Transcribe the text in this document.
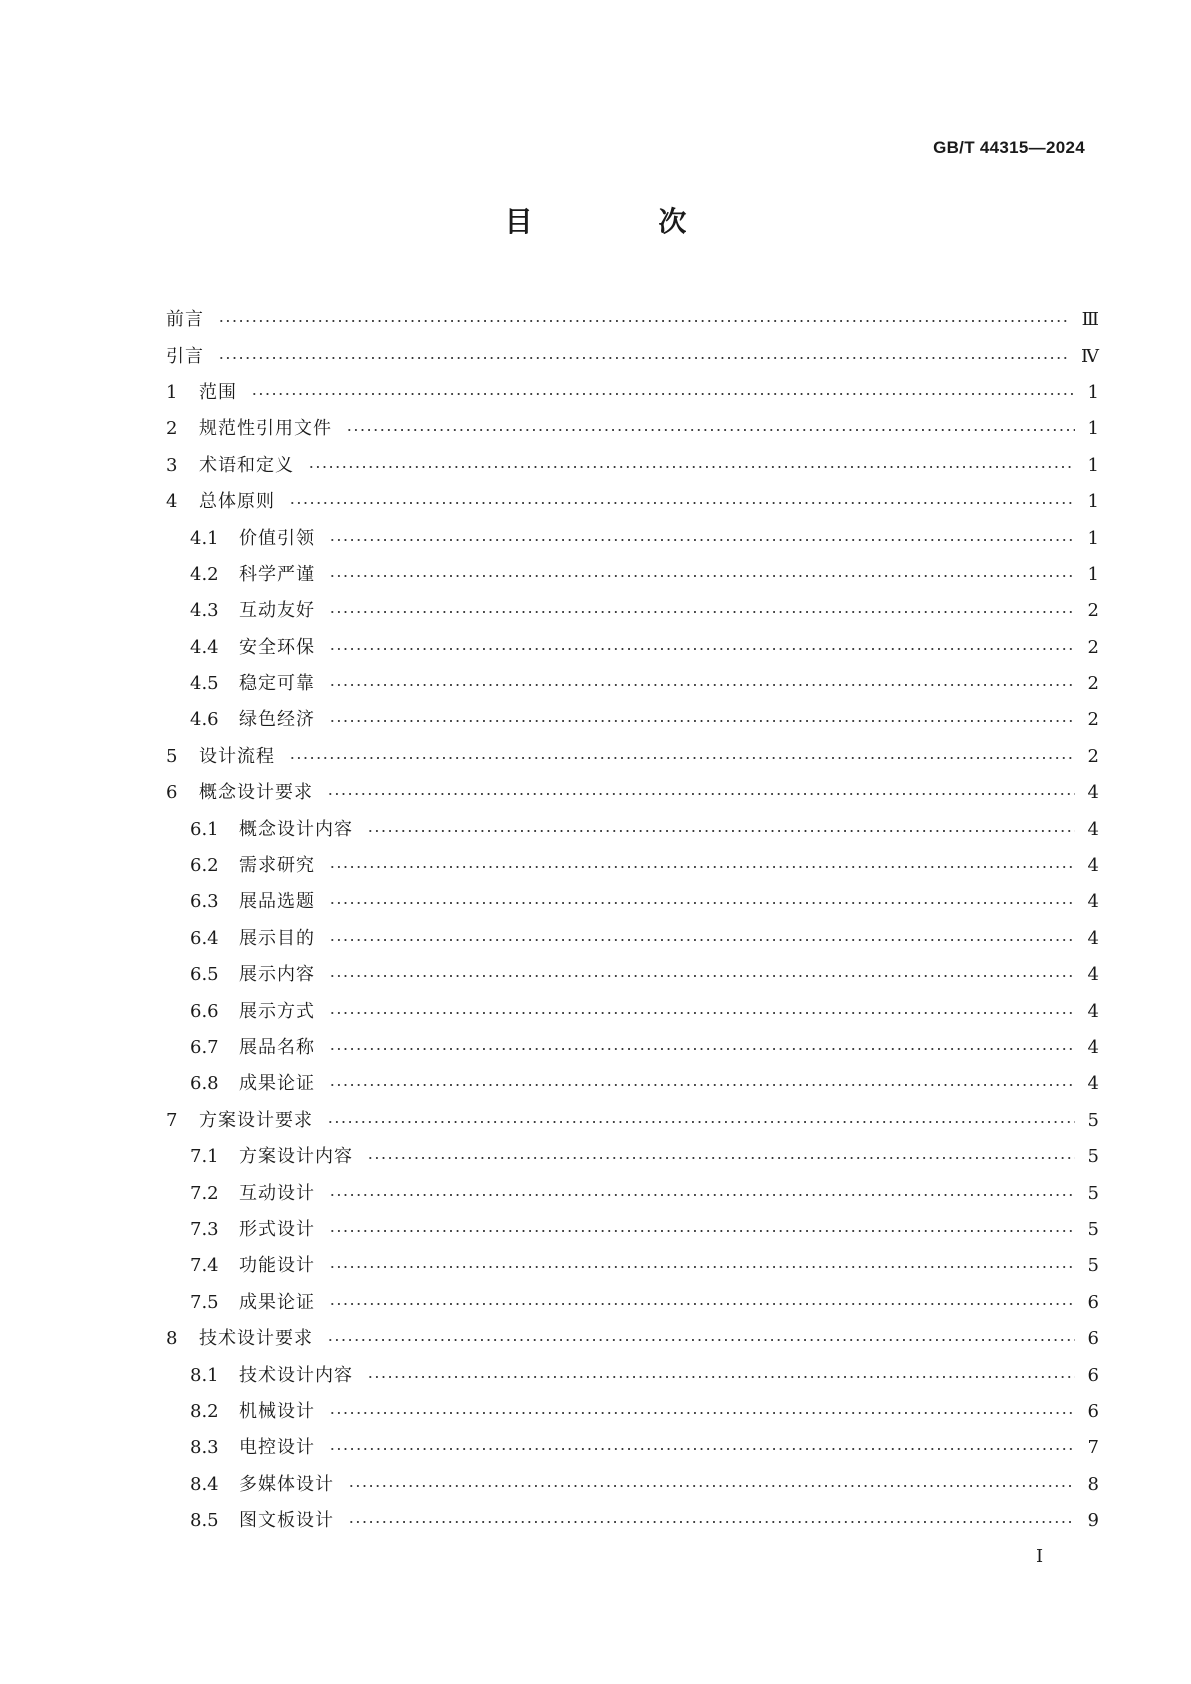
GB/T 44315—2024
目 次
前言	Ⅲ
引言	Ⅳ
1	范围	1
2	规范性引用文件	1
3	术语和定义	1
4	总体原则	1
4.1	价值引领	1
4.2	科学严谨	1
4.3	互动友好	2
4.4	安全环保	2
4.5	稳定可靠	2
4.6	绿色经济	2
5	设计流程	2
6	概念设计要求	4
6.1	概念设计内容	4
6.2	需求研究	4
6.3	展品选题	4
6.4	展示目的	4
6.5	展示内容	4
6.6	展示方式	4
6.7	展品名称	4
6.8	成果论证	4
7	方案设计要求	5
7.1	方案设计内容	5
7.2	互动设计	5
7.3	形式设计	5
7.4	功能设计	5
7.5	成果论证	6
8	技术设计要求	6
8.1	技术设计内容	6
8.2	机械设计	6
8.3	电控设计	7
8.4	多媒体设计	8
8.5	图文板设计	9
I
